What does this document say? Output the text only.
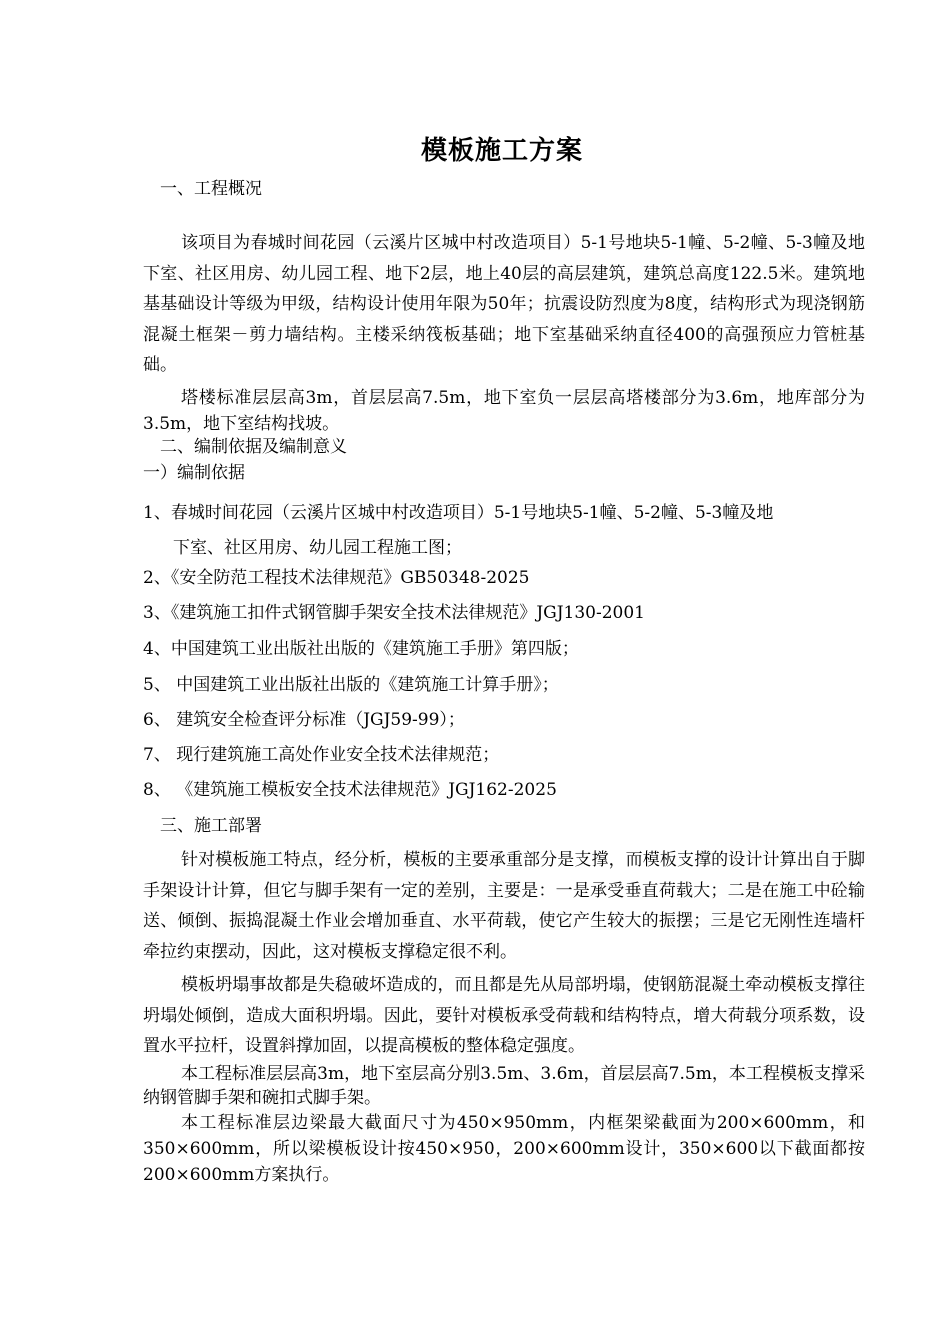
模板施工方案
一、工程概况
该项目为春城时间花园（云溪片区城中村改造项目）5-1号地块5-1幢、5-2幢、5-3幢及地下室、社区用房、幼儿园工程、地下2层，地上40层的高层建筑，建筑总高度122.5米。建筑地基基础设计等级为甲级，结构设计使用年限为50年；抗震设防烈度为8度，结构形式为现浇钢筋混凝土框架－剪力墙结构。主楼采纳筏板基础；地下室基础采纳直径400的高强预应力管桩基础。
塔楼标准层层高3m，首层层高7.5m，地下室负一层层高塔楼部分为3.6m，地库部分为3.5m，地下室结构找坡。
二、编制依据及编制意义
一）编制依据
1、春城时间花园（云溪片区城中村改造项目）5-1号地块5-1幢、5-2幢、5-3幢及地
下室、社区用房、幼儿园工程施工图；
2、《安全防范工程技术法律规范》GB50348-2025
3、《建筑施工扣件式钢管脚手架安全技术法律规范》JGJ130-2001
4、中国建筑工业出版社出版的《建筑施工手册》第四版；
5、 中国建筑工业出版社出版的《建筑施工计算手册》；
6、 建筑安全检查评分标准（JGJ59-99）；
7、 现行建筑施工高处作业安全技术法律规范；
8、 《建筑施工模板安全技术法律规范》JGJ162-2025
三、施工部署
针对模板施工特点，经分析，模板的主要承重部分是支撑，而模板支撑的设计计算出自于脚手架设计计算，但它与脚手架有一定的差别，主要是：一是承受垂直荷载大；二是在施工中砼输送、倾倒、振捣混凝土作业会增加垂直、水平荷载，使它产生较大的振摆；三是它无刚性连墙杆牵拉约束摆动，因此，这对模板支撑稳定很不利。
模板坍塌事故都是失稳破坏造成的，而且都是先从局部坍塌，使钢筋混凝土牵动模板支撑往坍塌处倾倒，造成大面积坍塌。因此，要针对模板承受荷载和结构特点，增大荷载分项系数，设置水平拉杆，设置斜撑加固，以提高模板的整体稳定强度。
本工程标准层层高3m，地下室层高分别3.5m、3.6m，首层层高7.5m，本工程模板支撑采纳钢管脚手架和碗扣式脚手架。
本工程标准层边梁最大截面尺寸为450×950mm，内框架梁截面为200×600mm，和350×600mm，所以梁模板设计按450×950，200×600mm设计，350×600以下截面都按200×600mm方案执行。
